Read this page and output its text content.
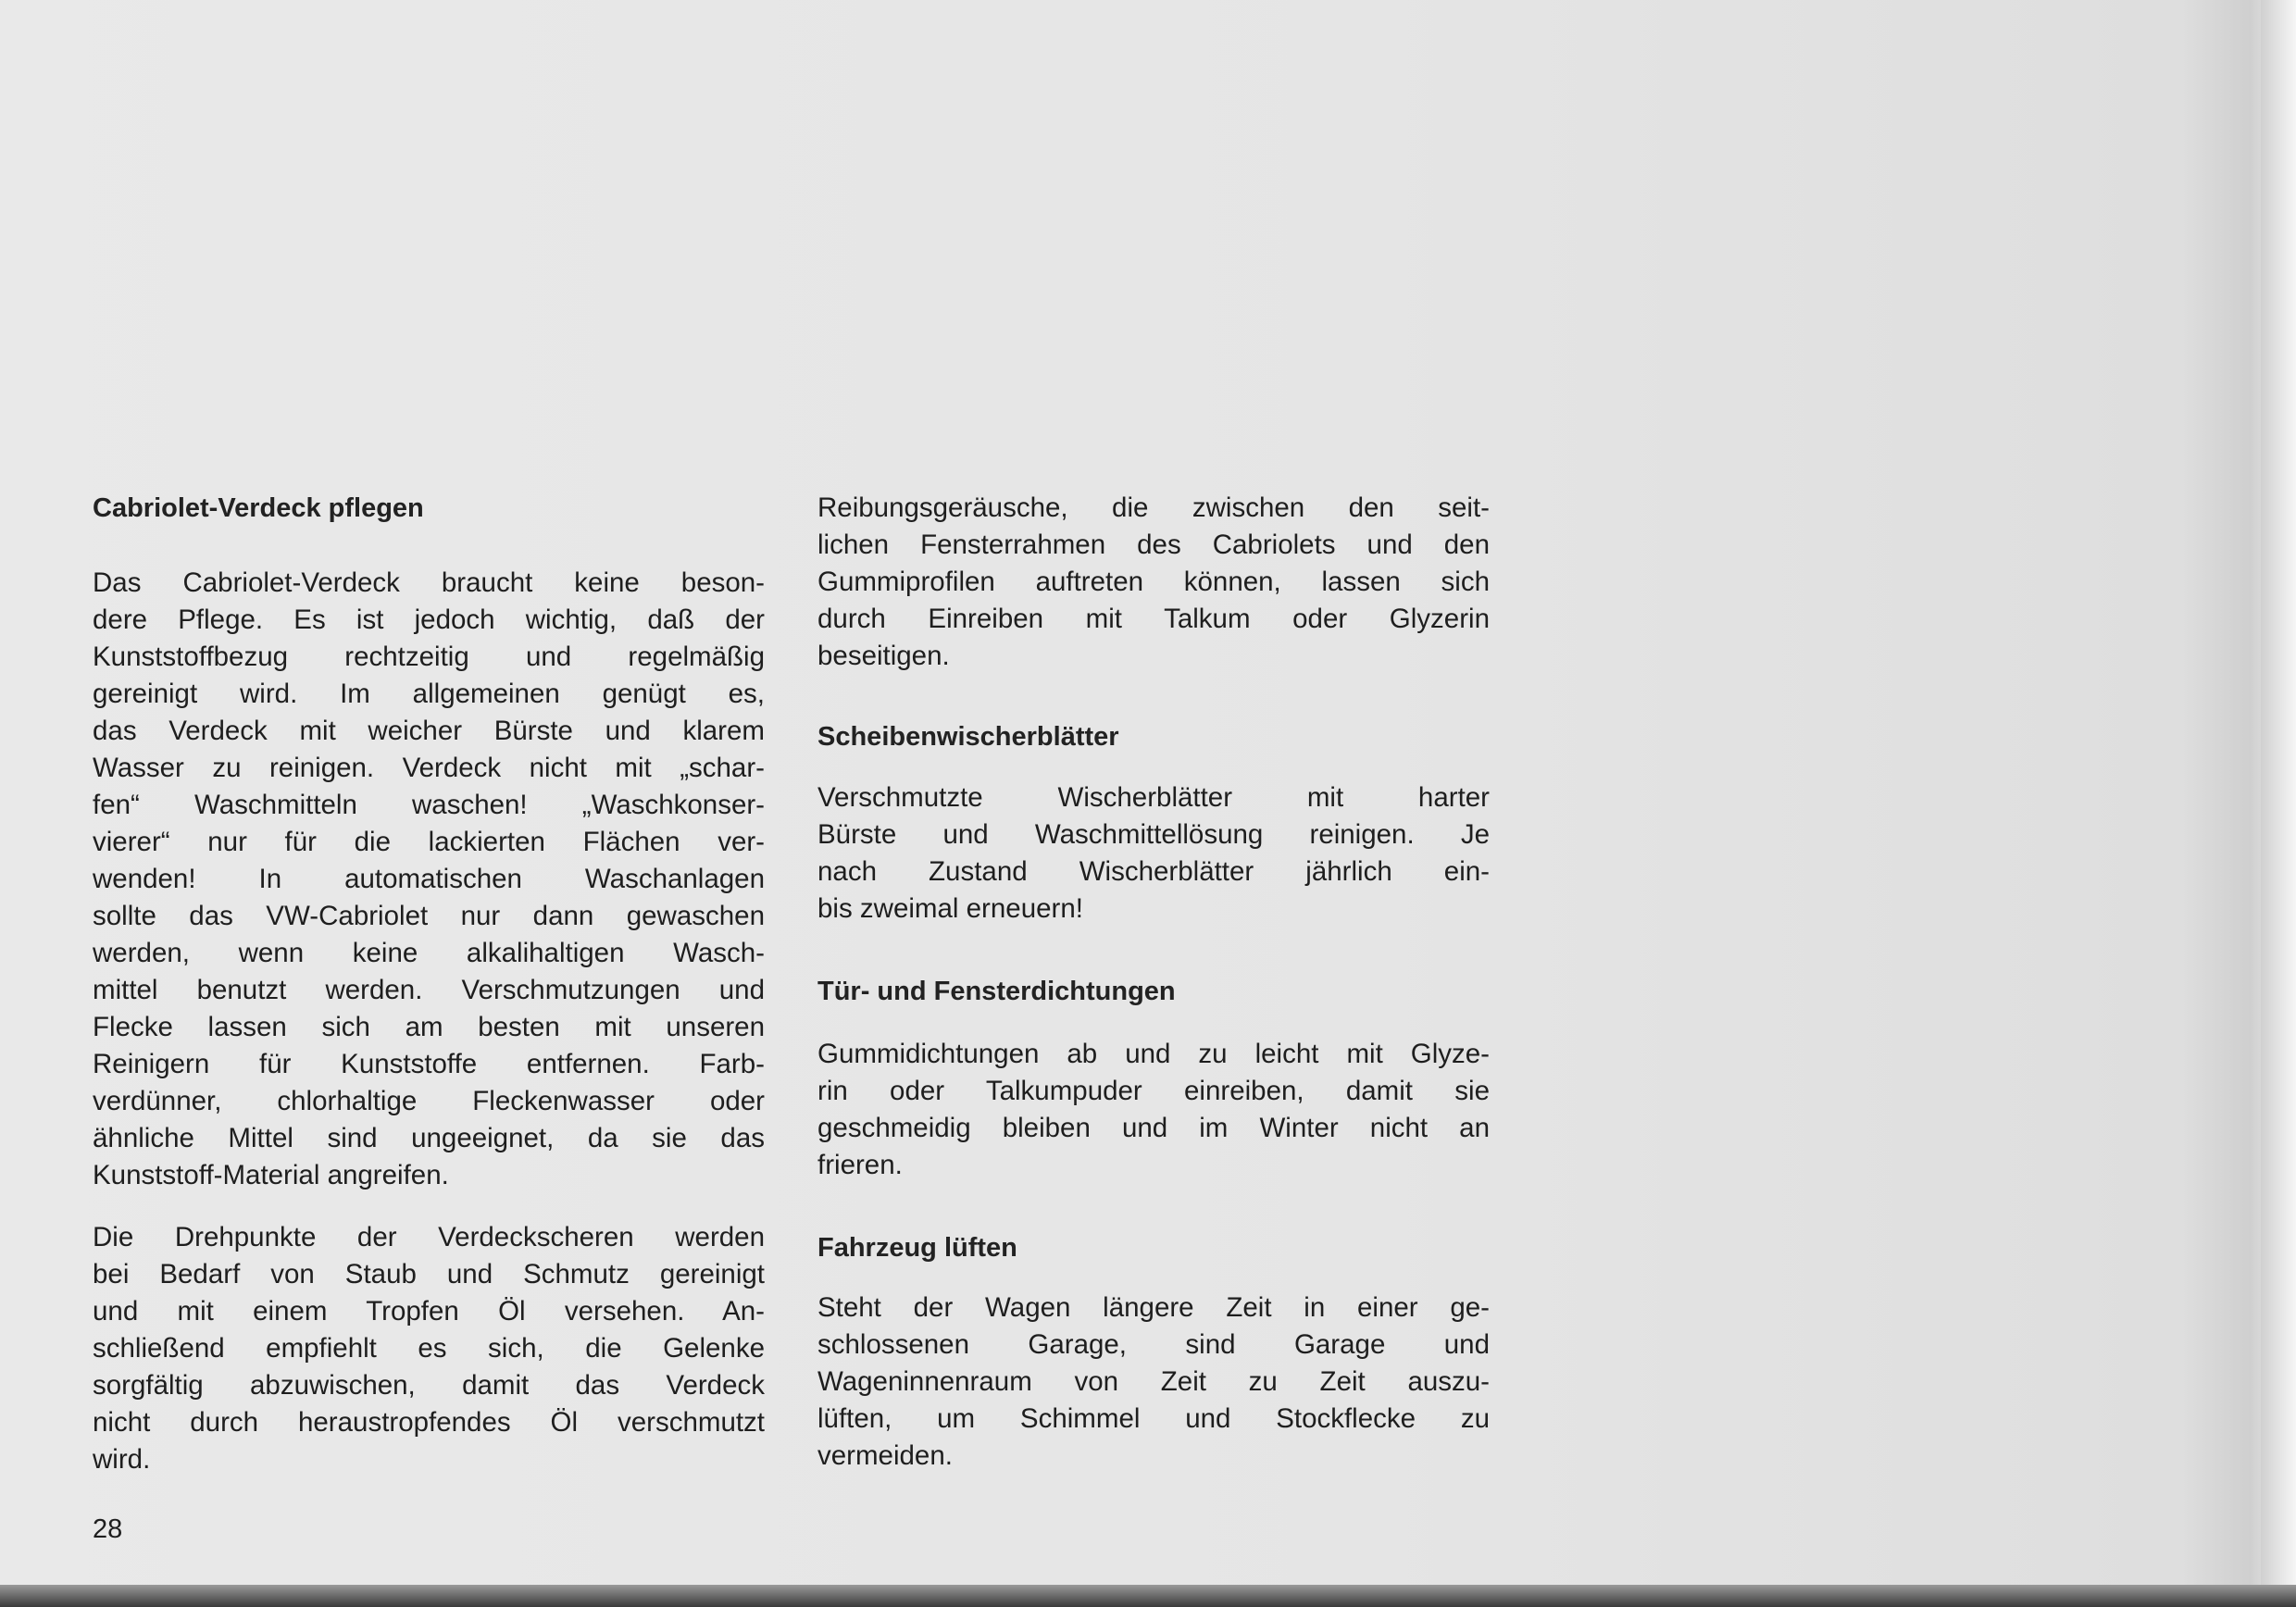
Cabriolet-Verdeck pflegen
Das Cabriolet-Verdeck braucht keine beson-
dere Pflege. Es ist jedoch wichtig, daß der
Kunststoffbezug rechtzeitig und regelmäßig
gereinigt wird. Im allgemeinen genügt es,
das Verdeck mit weicher Bürste und klarem
Wasser zu reinigen. Verdeck nicht mit „schar-
fen“ Waschmitteln waschen! „Waschkonser-
vierer“ nur für die lackierten Flächen ver-
wenden! In automatischen Waschanlagen
sollte das VW-Cabriolet nur dann gewaschen
werden, wenn keine alkalihaltigen Wasch-
mittel benutzt werden. Verschmutzungen und
Flecke lassen sich am besten mit unseren
Reinigern für Kunststoffe entfernen. Farb-
verdünner, chlorhaltige Fleckenwasser oder
ähnliche Mittel sind ungeeignet, da sie das
Kunststoff-Material angreifen.
Die Drehpunkte der Verdeckscheren werden
bei Bedarf von Staub und Schmutz gereinigt
und mit einem Tropfen Öl versehen. An-
schließend empfiehlt es sich, die Gelenke
sorgfältig abzuwischen, damit das Verdeck
nicht durch heraustropfendes Öl verschmutzt
wird.
Reibungsgeräusche, die zwischen den seit-
lichen Fensterrahmen des Cabriolets und den
Gummiprofilen auftreten können, lassen sich
durch Einreiben mit Talkum oder Glyzerin
beseitigen.
Scheibenwischerblätter
Verschmutzte Wischerblätter mit harter
Bürste und Waschmittellösung reinigen. Je
nach Zustand Wischerblätter jährlich ein-
bis zweimal erneuern!
Tür- und Fensterdichtungen
Gummidichtungen ab und zu leicht mit Glyze-
rin oder Talkumpuder einreiben, damit sie
geschmeidig bleiben und im Winter nicht an
frieren.
Fahrzeug lüften
Steht der Wagen längere Zeit in einer ge-
schlossenen Garage, sind Garage und
Wageninnenraum von Zeit zu Zeit auszu-
lüften, um Schimmel und Stockflecke zu
vermeiden.
28
